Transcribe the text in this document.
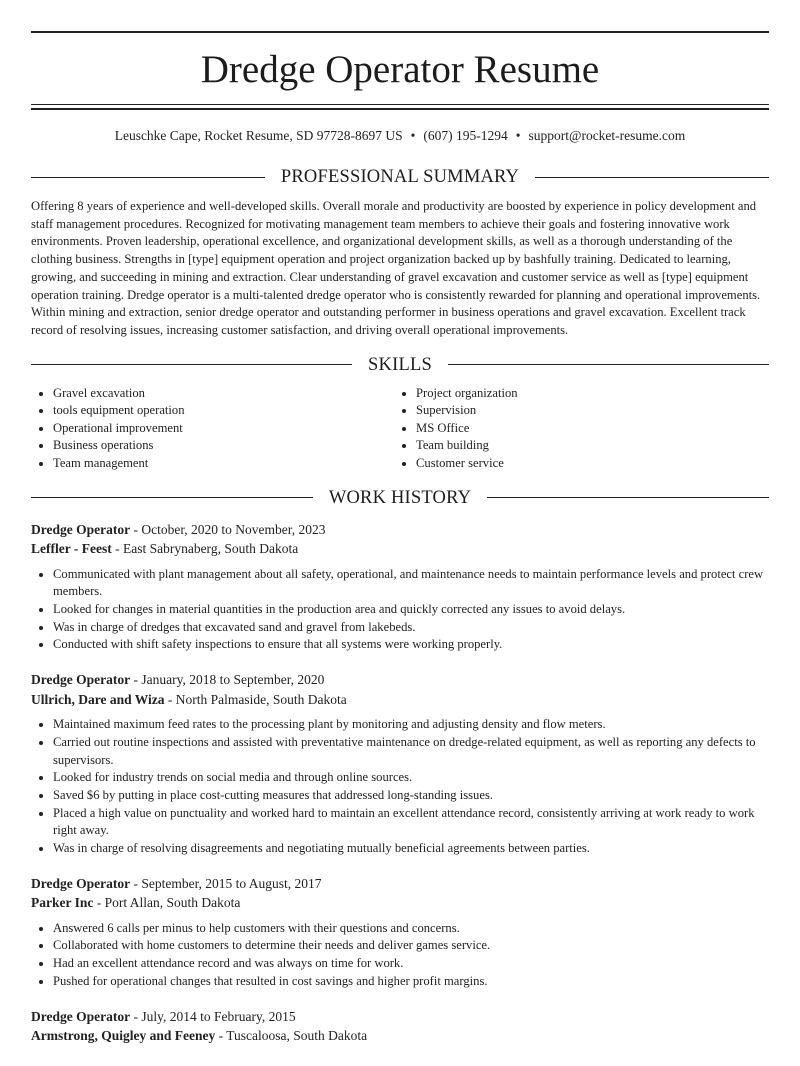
Dredge Operator Resume
Leuschke Cape, Rocket Resume, SD 97728-8697 US • (607) 195-1294 • support@rocket-resume.com
PROFESSIONAL SUMMARY

Offering 8 years of experience and well-developed skills. Overall morale and productivity are boosted by experience in policy development and staff management procedures. Recognized for motivating management team members to achieve their goals and fostering innovative work environments. Proven leadership, operational excellence, and organizational development skills, as well as a thorough understanding of the clothing business. Strengths in [type] equipment operation and project organization backed up by bashfully training. Dedicated to learning, growing, and succeeding in mining and extraction. Clear understanding of gravel excavation and customer service as well as [type] equipment operation training. Dredge operator is a multi-talented dredge operator who is consistently rewarded for planning and operational improvements. Within mining and extraction, senior dredge operator and outstanding performer in business operations and gravel excavation. Excellent track record of resolving issues, increasing customer satisfaction, and driving overall operational improvements.

SKILLS
• Gravel excavation
• tools equipment operation
• Operational improvement
• Business operations
• Team management
• Project organization
• Supervision
• MS Office
• Team building
• Customer service
WORK HISTORY
Dredge Operator - October, 2020 to November, 2023
Leffler - Feest - East Sabrynaberg, South Dakota
• Communicated with plant management about all safety, operational, and maintenance needs to maintain performance levels and protect crew members.
• Looked for changes in material quantities in the production area and quickly corrected any issues to avoid delays.
• Was in charge of dredges that excavated sand and gravel from lakebeds.
• Conducted with shift safety inspections to ensure that all systems were working properly.
Dredge Operator - January, 2018 to September, 2020
Ullrich, Dare and Wiza - North Palmaside, South Dakota
• Maintained maximum feed rates to the processing plant by monitoring and adjusting density and flow meters.
• Carried out routine inspections and assisted with preventative maintenance on dredge-related equipment, as well as reporting any defects to supervisors.
• Looked for industry trends on social media and through online sources.
• Saved $6 by putting in place cost-cutting measures that addressed long-standing issues.
• Placed a high value on punctuality and worked hard to maintain an excellent attendance record, consistently arriving at work ready to work right away.
• Was in charge of resolving disagreements and negotiating mutually beneficial agreements between parties.
Dredge Operator - September, 2015 to August, 2017
Parker Inc - Port Allan, South Dakota
• Answered 6 calls per minus to help customers with their questions and concerns.
• Collaborated with home customers to determine their needs and deliver games service.
• Had an excellent attendance record and was always on time for work.
• Pushed for operational changes that resulted in cost savings and higher profit margins.
Dredge Operator - July, 2014 to February, 2015
Armstrong, Quigley and Feeney - Tuscaloosa, South Dakota
